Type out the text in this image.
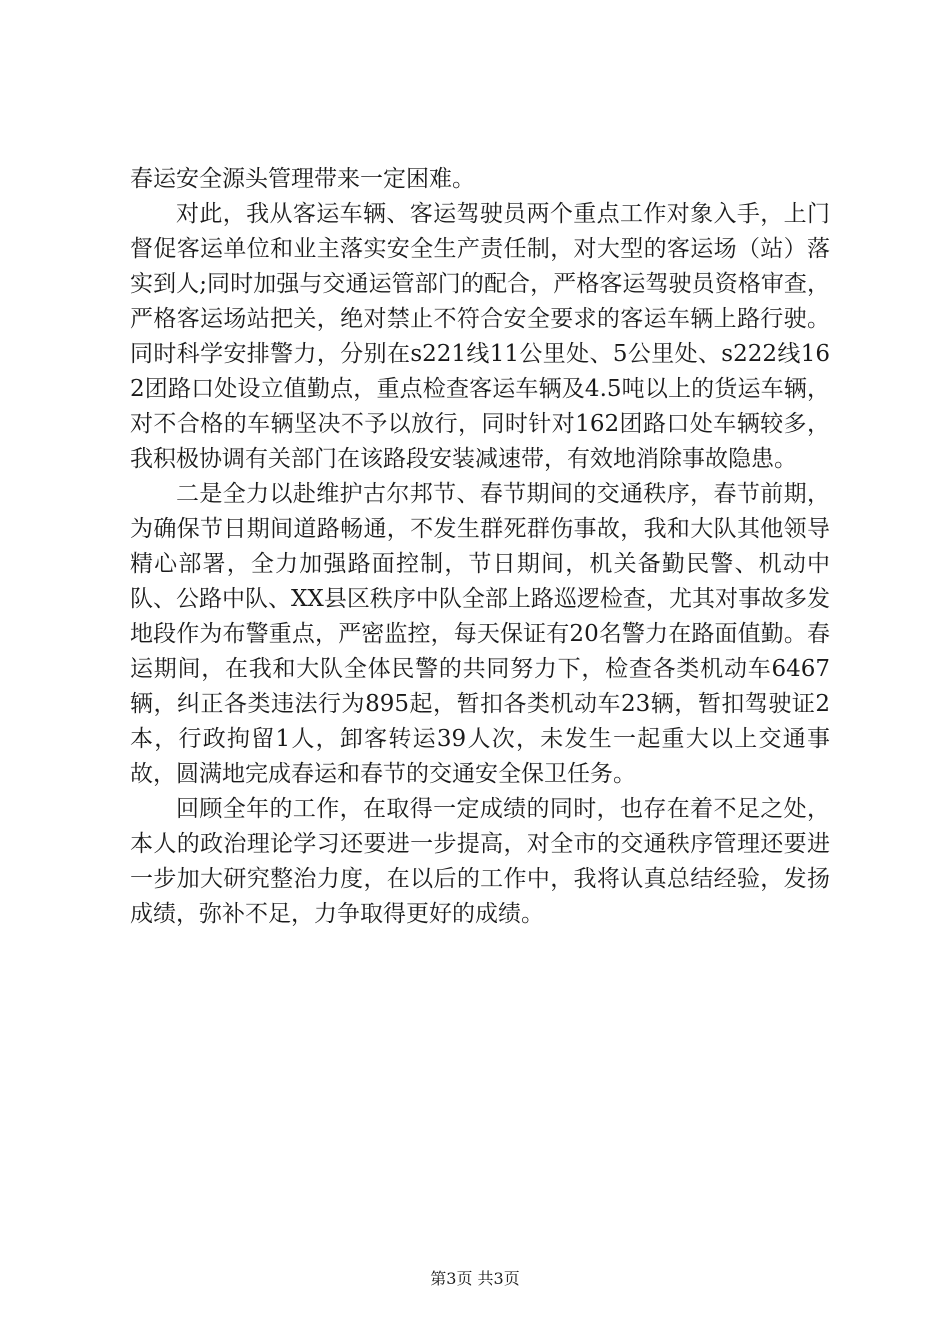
春运安全源头管理带来一定困难。

对此，我从客运车辆、客运驾驶员两个重点工作对象入手，上门督促客运单位和业主落实安全生产责任制，对大型的客运场（站）落实到人;同时加强与交通运管部门的配合，严格客运驾驶员资格审查，严格客运场站把关，绝对禁止不符合安全要求的客运车辆上路行驶。同时科学安排警力，分别在s221线11公里处、5公里处、s222线162团路口处设立值勤点，重点检查客运车辆及4.5吨以上的货运车辆，对不合格的车辆坚决不予以放行，同时针对162团路口处车辆较多，我积极协调有关部门在该路段安装减速带，有效地消除事故隐患。

二是全力以赴维护古尔邦节、春节期间的交通秩序，春节前期，为确保节日期间道路畅通，不发生群死群伤事故，我和大队其他领导精心部署，全力加强路面控制，节日期间，机关备勤民警、机动中队、公路中队、XX县区秩序中队全部上路巡逻检查，尤其对事故多发地段作为布警重点，严密监控，每天保证有20名警力在路面值勤。春运期间，在我和大队全体民警的共同努力下，检查各类机动车6467辆，纠正各类违法行为895起，暂扣各类机动车23辆，暂扣驾驶证2本，行政拘留1人，卸客转运39人次，未发生一起重大以上交通事故，圆满地完成春运和春节的交通安全保卫任务。

回顾全年的工作，在取得一定成绩的同时，也存在着不足之处，本人的政治理论学习还要进一步提高，对全市的交通秩序管理还要进一步加大研究整治力度，在以后的工作中，我将认真总结经验，发扬成绩，弥补不足，力争取得更好的成绩。

第3页 共3页
